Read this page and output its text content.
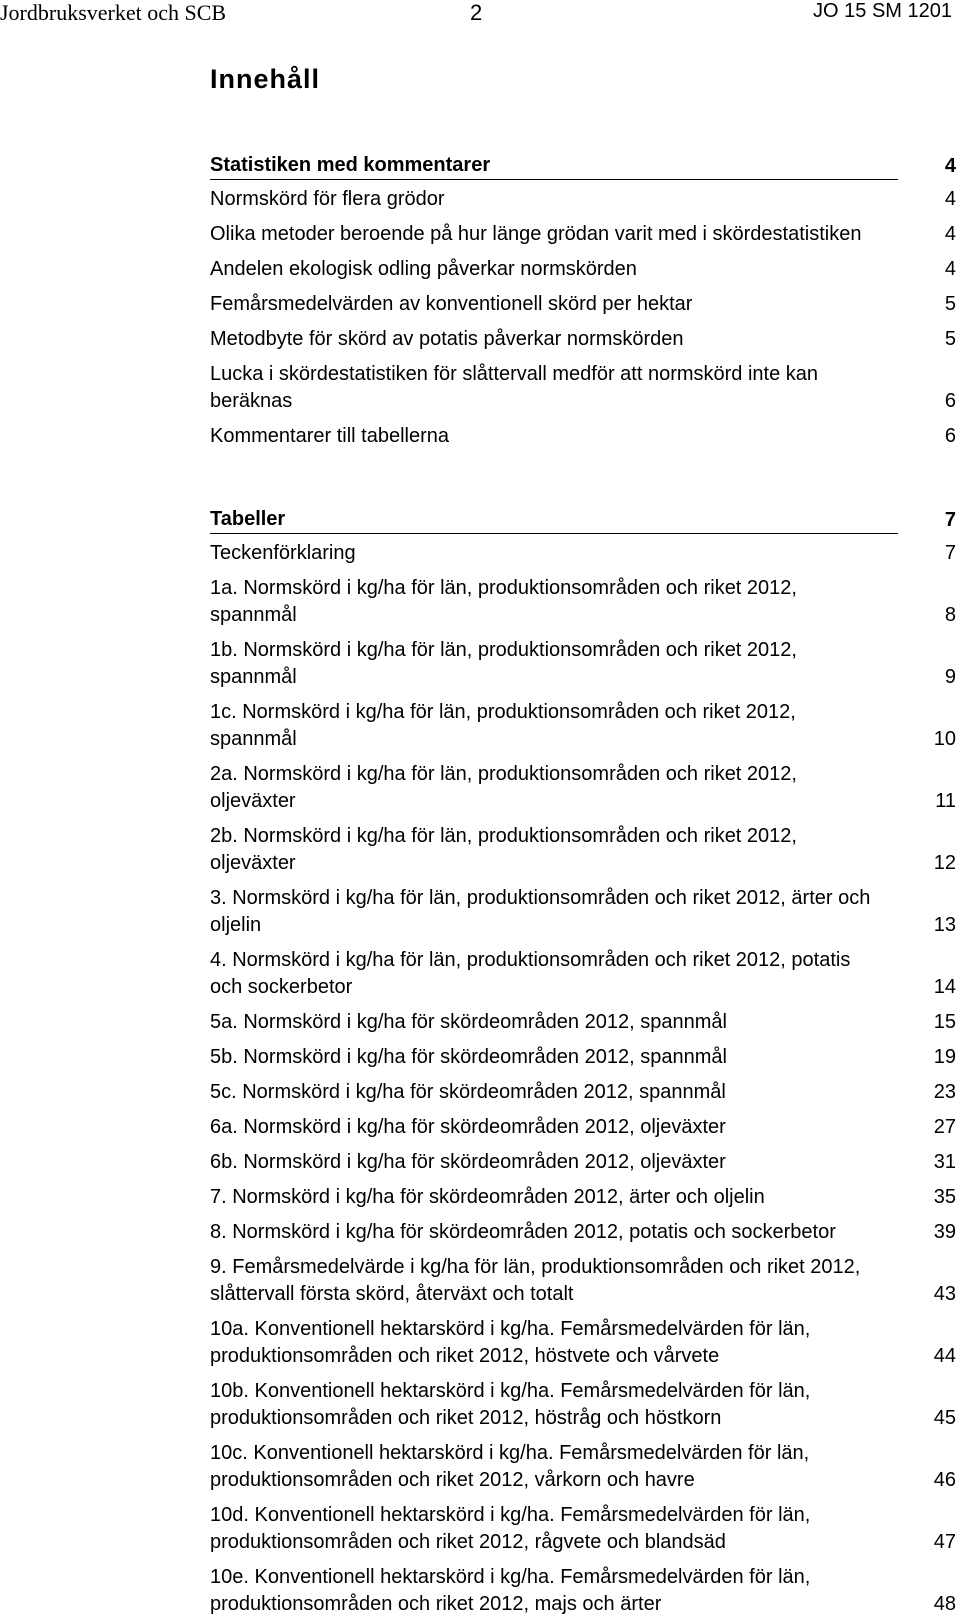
Jordbruksverket och SCB	2	JO 15 SM 1201
Innehåll
Statistiken med kommentarer	4
Normskörd för flera grödor	4
Olika metoder beroende på hur länge grödan varit med i skördestatistiken	4
Andelen ekologisk odling påverkar normskörden	4
Femårsmedelvärden av konventionell skörd per hektar	5
Metodbyte för skörd av potatis påverkar normskörden	5
Lucka i skördestatistiken för slåttervall medför att normskörd inte kan beräknas	6
Kommentarer till tabellerna	6
Tabeller	7
Teckenförklaring	7
1a. Normskörd i kg/ha för län, produktionsområden och riket 2012, spannmål	8
1b. Normskörd i kg/ha för län, produktionsområden och riket 2012, spannmål	9
1c. Normskörd i kg/ha för län, produktionsområden och riket 2012, spannmål	10
2a. Normskörd i kg/ha för län, produktionsområden och riket 2012, oljeväxter	11
2b. Normskörd i kg/ha för län, produktionsområden och riket 2012, oljeväxter	12
3. Normskörd i kg/ha för län, produktionsområden och riket 2012, ärter och oljelin	13
4. Normskörd i kg/ha för län, produktionsområden och riket 2012, potatis och sockerbetor	14
5a. Normskörd i kg/ha för skördeområden 2012, spannmål	15
5b. Normskörd i kg/ha för skördeområden 2012, spannmål	19
5c. Normskörd i kg/ha för skördeområden 2012, spannmål	23
6a. Normskörd i kg/ha för skördeområden 2012, oljeväxter	27
6b. Normskörd i kg/ha för skördeområden 2012, oljeväxter	31
7. Normskörd i kg/ha för skördeområden 2012, ärter och oljelin	35
8. Normskörd i kg/ha för skördeområden 2012, potatis och sockerbetor	39
9. Femårsmedelvärde i kg/ha för län, produktionsområden och riket 2012, slåttervall första skörd, återväxt och totalt	43
10a. Konventionell hektarskörd i kg/ha. Femårsmedelvärden för län, produktionsområden och riket 2012, höstvete och vårvete	44
10b. Konventionell hektarskörd i kg/ha. Femårsmedelvärden för län, produktionsområden och riket 2012, höstråg och höstkorn	45
10c. Konventionell hektarskörd i kg/ha. Femårsmedelvärden för län, produktionsområden och riket 2012, vårkorn och havre	46
10d. Konventionell hektarskörd i kg/ha. Femårsmedelvärden för län, produktionsområden och riket 2012, rågvete och blandsäd	47
10e. Konventionell hektarskörd i kg/ha. Femårsmedelvärden för län, produktionsområden och riket 2012, majs och ärter	48
